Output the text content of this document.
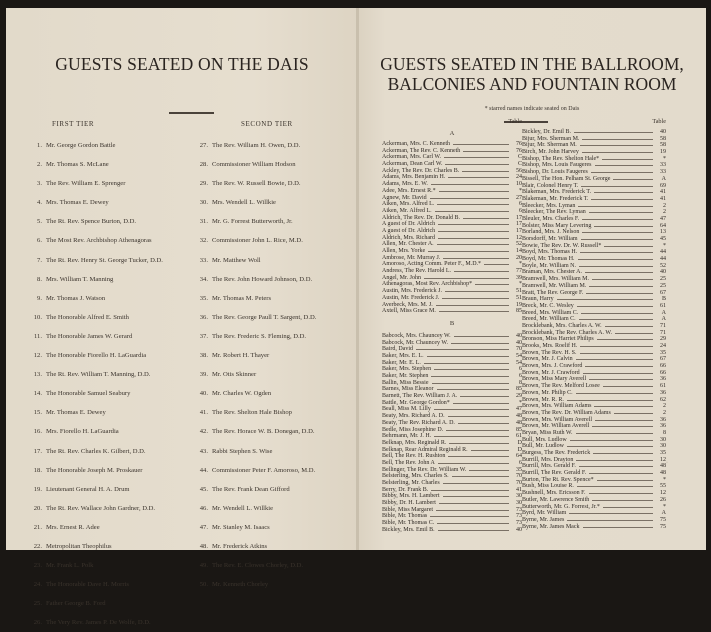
GUESTS SEATED ON THE DAIS
FIRST TIER
1. Mr. George Gordon Battle
2. Mr. Thomas S. McLane
3. The Rev. William E. Sprenger
4. Mrs. Thomas E. Dewey
5. The Rt. Rev. Spence Burton, D.D.
6. The Most Rev. Archbishop Athenagoras
7. The Rt. Rev. Henry St. George Tucker, D.D.
8. Mrs. William T. Manning
9. Mr. Thomas J. Watson
10. The Honorable Alfred E. Smith
11. The Honorable James W. Gerard
12. The Honorable Fiorello H. LaGuardia
13. The Rt. Rev. William T. Manning, D.D.
14. The Honorable Samuel Seabury
15. Mr. Thomas E. Dewey
16. Mrs. Fiorello H. LaGuardia
17. The Rt. Rev. Charles K. Gilbert, D.D.
18. The Honorable Joseph M. Proskauer
19. Lieutenant General H. A. Drum
20. The Rt. Rev. Wallace John Gardner, D.D.
21. Mrs. Ernest R. Adee
22. Metropolitan Theophilus
23. Mr. Frank L. Polk
24. The Honorable Dave H. Morris
25. Father George B. Ford
26. The Very Rev. James P. De Wolfe, D.D.
SECOND TIER
27. The Rev. William H. Owen, D.D.
28. Commissioner William Hodson
29. The Rev. W. Russell Bowie, D.D.
30. Mrs. Wendell L. Willkie
31. Mr. G. Forrest Butterworth, Jr.
32. Commissioner John L. Rice, M.D.
33. Mr. Matthew Woll
34. The Rev. John Howard Johnson, D.D.
35. Mr. Thomas M. Peters
36. The Rev. George Paull T. Sargent, D.D.
37. The Rev. Frederic S. Fleming, D.D.
38. Mr. Robert H. Thayer
39. Mr. Otis Skinner
40. Mr. Charles W. Ogden
41. The Rev. Shelton Hale Bishop
42. The Rev. Horace W. B. Donegan, D.D.
43. Rabbi Stephen S. Wise
44. Commissioner Peter F. Amoroso, M.D.
45. The Rev. Frank Dean Gifford
46. Mr. Wendell L. Willkie
47. Mr. Stanley M. Isaacs
48. Mr. Frederick Atkins
49. The Rev. E. Clowes Chorley, D.D.
50. Mr. Kenneth Chorley
GUESTS SEATED IN THE BALLROOM,
BALCONIES AND FOUNTAIN ROOM
* starred names indicate seated on Dais
Table
A
Ackerman, Mrs. C. Kenneth	76
Ackerman, The Rev. C. Kenneth	76
Ackerman, Mrs. Carl W.	C
Ackerman, Dean Carl W.	C
Ackley, The Rev. Dr. Charles B.	56
Adams, Mrs. Benjamin H.	24
Adams, Mrs. E. W.	10
Adee, Mrs. Ernest R.*	*
Agnew, Mr. David	27
Aiken, Mrs. Alfred L.	6
Aiken, Mr. Alfred L.	6
Aldrich, The Rev. Dr. Donald B.	17
A guest of Dr. Aldrich	17
A guest of Dr. Aldrich	17
Aldrich, Mrs. Richard	12
Allen, Mr. Chester A.	52
Allen, Mrs. Yorke	14
Ambrose, Mr. Murray J.	20
Amoroso, Acting Comm. Peter F., M.D.*	*
Andress, The Rev. Harold L.	77
Angel, Mr. John	39
Athenagoras, Most Rev. Archbishop*	*
Austin, Mrs. Frederick J.	51
Austin, Mr. Frederick J.	51
Averbeck, Mrs. M. J.	19
Axtell, Miss Grace M.	85
B
Babcock, Mrs. Chauncey W.	40
Babcock, Mr. Chauncey W.	40
Baird, David	70
Baker, Mrs. E. L.	54
Baker, Mr. E. L.	54
Baker, Mrs. Stephen	6
Baker, Mr. Stephen	6
Ballin, Miss Bessie	8
Barnes, Miss Eleanor	85
Barnett, The Rev. William J. A.	29
Battle, Mr. George Gordon*	*
Beall, Miss M. Lilly	47
Beaty, Mrs. Richard A. D.	48
Beaty, The Rev. Richard A. D.	48
Bedle, Miss Josephine D.	85
Behrmann, Mr. J. H.	61
Belknap, Mrs. Reginald R.	D
Belknap, Rear Admiral Reginald R.	D
Bell, The Rev. H. Rushton	64
Bell, The Rev. John A	6
Bellinger, The Rev. Dr. William W.	35
Belsterling, Mrs. Charles S.	70
Belsterling, Mr. Charles	70
Berry, Dr. Frank B.	41
Bibby, Mrs. H. Lambert	30
Bibby, Dr. H. Lambert	30
Bible, Miss Margaret	73
Bible, Mr. Thomas	73
Bible, Mr. Thomas C.	73
Bickley, Mrs. Emil B.	40
Table
Bickley, Dr. Emil B.	40
Bijur, Mrs. Sherman M.	58
Bijur, Mr. Sherman M.	58
Birch, Mr. John Harvey	19
Bishop, The Rev. Shelton Hale*	*
Bishop, Mrs. Louis Faugeres	33
Bishop, Dr. Louis Faugeres	33
Bissell, The Hon. Pelham St. George	A
Blair, Colonel Henry T.	69
Blakeman, Mrs. Frederick T.	41
Blakeman, Mr. Frederick T.	41
Bleecker, Mrs. Lyman	2
Bleecker, The Rev. Lyman	2
Bleuler, Mrs. Charles F.	47
Bolster, Miss Mary Levering	64
Borland, Mrs. J. Nelson	13
Borsdorff, Mr. William	45
Bowie, The Rev. Dr. W. Russell*	*
Boyd, Mrs. Thomas H.	44
Boyd, Mr. Thomas H.	44
Boyle, Mr. William N.	52
Braman, Mrs. Chester A.	40
Bramwell, Mrs. William M.	25
Bramwell, Mr. William M.	25
Bratt, The Rev. George F.	67
Braun, Harry	B
Breck, Mr. C. Wesley	61
Breed, Mrs. William C.	A
Breed, Mr. William C.	A
Brocklebank, Mrs. Charles A. W.	71
Brocklebank, The Rev. Charles A. W.	71
Bronson, Miss Harriet Philips	29
Brooks, Mrs. Roelif H.	24
Brown, The Rev. H. S.	35
Brown, Mr. J. Calvin	67
Brown, Mrs. J. Crawford	66
Brown, Mr. J. Crawford	66
Brown, Miss Mary Averell	36
Brown, The Rev. Melford Losee	61
Brown, Mr. Philip C.	36
Brown, Mr. R. R.	62
Brown, Mrs. William Adams	2
Brown, The Rev. Dr. William Adams	2
Brown, Mrs. William Averell	36
Brown, Mr. William Averell	36
Bryan, Miss Ruth W.	8
Bull, Mrs. Ludlow	30
Bull, Mr. Ludlow	30
Burgess, The Rev. Frederick	35
Burrill, Mrs. Drayton	12
Burrill, Mrs. Gerald F.	48
Burrill, The Rev. Gerald F.	48
Burton, The Rt. Rev. Spence*	*
Bush, Miss Louise R.	55
Bushnell, Mrs. Ericsson F.	12
Butler, Mr. Lawrence Smith	26
Butterworth, Mr. G. Forrest, Jr.*	*
Byrd, Mr. William	A
Byrne, Mr. James	75
Byrne, Mr. James Mack	75
·
